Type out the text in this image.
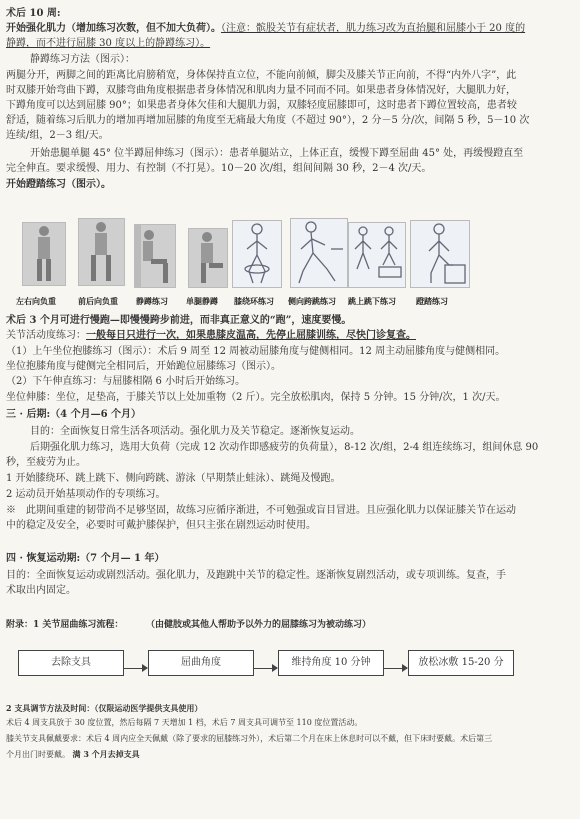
术后 10 周:
开始强化肌力（增加练习次数，但不加大负荷）。（注意：髌股关节有症状者，肌力练习改为直抬腿和屈膝小于 20 度的
静蹲，而不进行屈膝 30 度以上的静蹲练习）。
静蹲练习方法（图示）：
两腿分开，两脚之间的距离比肩膀稍宽，身体保持直立位，不能向前倾，脚尖及膝关节正向前，不得“内外八字”，此
时双膝开始弯曲下蹲，双膝弯曲角度根据患者身体情况和肌肉力量不同而不同。如果患者身体情况好，大腿肌力好，
下蹲角度可以达到屈膝 90°；如果患者身体欠佳和大腿肌力弱，双膝轻度屈膝即可，这时患者下蹲位置较高，患者较
舒适，随着练习后肌力的增加再增加屈膝的角度至无痛最大角度（不超过 90°），2 分－5 分/次，间隔 5 秒，5－10 次
连续/组，2－3 组/天。
开始患腿单腿 45° 位半蹲屈伸练习（图示）：患者单腿站立，上体正直，缓慢下蹲至屈曲 45° 处，再缓慢蹬直至
完全伸直。要求缓慢、用力、有控制（不打晃）。10－20 次/组，组间间隔 30 秒，2－4 次/天。
开始蹬踏练习（图示）。
左右向负重	前后向负重 静蹲练习 单腿静蹲 膝绕环练习 侧向跨跳练习 跳上跳下练习	蹬踏练习
术后 3 个月可进行慢跑—即慢慢跨步前进，而非真正意义的“跑”，速度要慢。
关节活动度练习：一般每日只进行一次，如果患膝皮温高，先停止屈膝训练，尽快门诊复查。
（1）上午坐位抱膝练习（图示）：术后 9 周至 12 周被动屈膝角度与健侧相同。12 周主动屈膝角度与健侧相同。
坐位抱膝角度与健侧完全相同后，开始跪位屈膝练习（图示）。
（2）下午伸直练习：与屈膝相隔 6 小时后开始练习。
坐位伸膝：坐位，足垫高，于膝关节以上处加重物（2 斤）。完全放松肌肉，保持 5 分钟。15 分钟/次，1 次/天。
三 · 后期:（4 个月—6 个月）
目的：全面恢复日常生活各项活动。强化肌力及关节稳定。逐渐恢复运动。
后期强化肌力练习，选用大负荷（完成 12 次动作即感疲劳的负荷量），8-12 次/组，2-4 组连续练习，组间休息 90
秒，至疲劳为止。
1 开始膝绕环、跳上跳下、侧向跨跳、游泳（早期禁止蛙泳）、跳绳及慢跑。
2 运动员开始基项动作的专项练习。
※　此期间重建的韧带尚不足够坚固，故练习应循序渐进，不可勉强或盲目冒进。且应强化肌力以保证膝关节在运动
中的稳定及安全，必要时可戴护膝保护，但只主张在剧烈运动时使用。
四 · 恢复运动期:（7 个月— 1 年）
目的：全面恢复运动或剧烈活动。强化肌力，及跑跳中关节的稳定性。逐渐恢复剧烈活动，或专项训练。复查，手
术取出内固定。
附录：1 关节屈曲练习流程：	（由健肢或其他人帮助予以外力的屈膝练习为被动练习）
去除支具	屈曲角度	维持角度 10 分钟	放松冰敷 15-20 分
2 支具调节方法及时间：（仅限运动医学提供支具使用）
术后 4 周支具放于 30 度位置，然后每隔 7 天增加 1 档，术后 7 周支具可调节至 110 度位置活动。
膝关节支具佩戴要求：术后 4 周内应全天佩戴（除了要求的屈膝练习外），术后第二个月在床上休息时可以不戴，但下床时要戴。术后第三
个月出门时要戴。 满 3 个月去掉支具
